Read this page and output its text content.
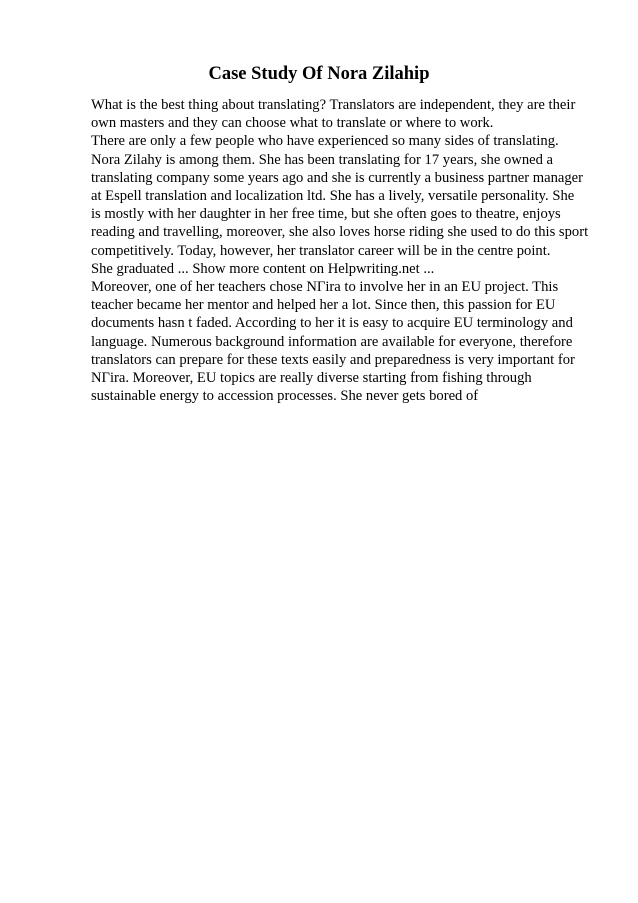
Case Study Of Nora Zilahip
What is the best thing about translating? Translators are independent, they are their
own masters and they can choose what to translate or where to work.
There are only a few people who have experienced so many sides of translating.
Nora Zilahy is among them. She has been translating for 17 years, she owned a
translating company some years ago and she is currently a business partner manager
at Espell translation and localization ltd. She has a lively, versatile personality. She
is mostly with her daughter in her free time, but she often goes to theatre, enjoys
reading and travelling, moreover, she also loves horse riding she used to do this sport
competitively. Today, however, her translator career will be in the centre point.
She graduated ... Show more content on Helpwriting.net ...
Moreover, one of her teachers chose NΓira to involve her in an EU project. This
teacher became her mentor and helped her a lot. Since then, this passion for EU
documents hasn t faded. According to her it is easy to acquire EU terminology and
language. Numerous background information are available for everyone, therefore
translators can prepare for these texts easily and preparedness is very important for
NΓira. Moreover, EU topics are really diverse starting from fishing through
sustainable energy to accession processes. She never gets bored of
